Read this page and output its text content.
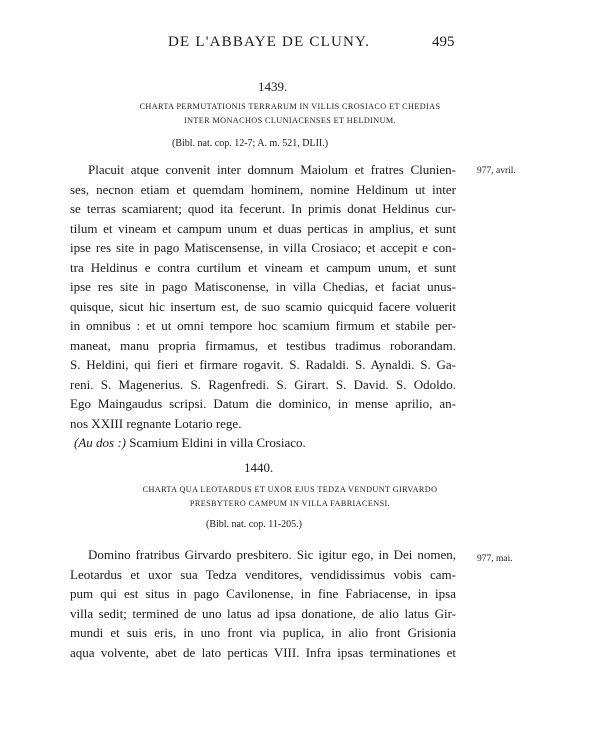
DE L'ABBAYE DE CLUNY.	495
1439.
CHARTA PERMUTATIONIS TERRARUM IN VILLIS CROSIACO ET CHEDIAS
INTER MONACHOS CLUNIACENSES ET HELDINUM.
(Bibl. nat. cop. 12-7; A. m. 521, DLII.)
977, avril.
Placuit atque convenit inter domnum Maiolum et fratres Clunien-
ses, necnon etiam et quemdam hominem, nomine Heldinum ut inter
se terras scamiarent; quod ita fecerunt. In primis donat Heldinus cur-
tilum et vineam et campum unum et duas perticas in amplius, et sunt
ipse res site in pago Matiscensense, in villa Crosiaco; et accepit e con-
tra Heldinus e contra curtilum et vineam et campum unum, et sunt
ipse res site in pago Matisconense, in villa Chedias, et faciat unus-
quisque, sicut hic insertum est, de suo scamio quicquid facere voluerit
in omnibus : et ut omni tempore hoc scamium firmum et stabile per-
maneat, manu propria firmamus, et testibus tradimus roborandam.
S. Heldini, qui fieri et firmare rogavit. S. Radaldi. S. Aynaldi. S. Ga-
reni. S. Magenerius. S. Ragenfredi. S. Girart. S. David. S. Odoldo.
Ego Maingaudus scripsi. Datum die dominico, in mense aprilio, an-
nos XXIII regnante Lotario rege.
(Au dos :) Scamium Eldini in villa Crosiaco.
1440.
CHARTA QUA LEOTARDUS ET UXOR EJUS TEDZA VENDUNT GIRVARDO
PRESBYTERO CAMPUM IN VILLA FABRIACENSI.
(Bibl. nat. cop. 11-205.)
977, mai.
Domino fratribus Girvardo presbitero. Sic igitur ego, in Dei nomen,
Leotardus et uxor sua Tedza venditores, vendidissimus vobis cam-
pum qui est situs in pago Cavilonense, in fine Fabriacense, in ipsa
villa sedit; termined de uno latus ad ipsa donatione, de alio latus Gir-
mundi et suis eris, in uno front via puplica, in alio front Grisionia
aqua volvente, abet de lato perticas VIII. Infra ipsas terminationes et
